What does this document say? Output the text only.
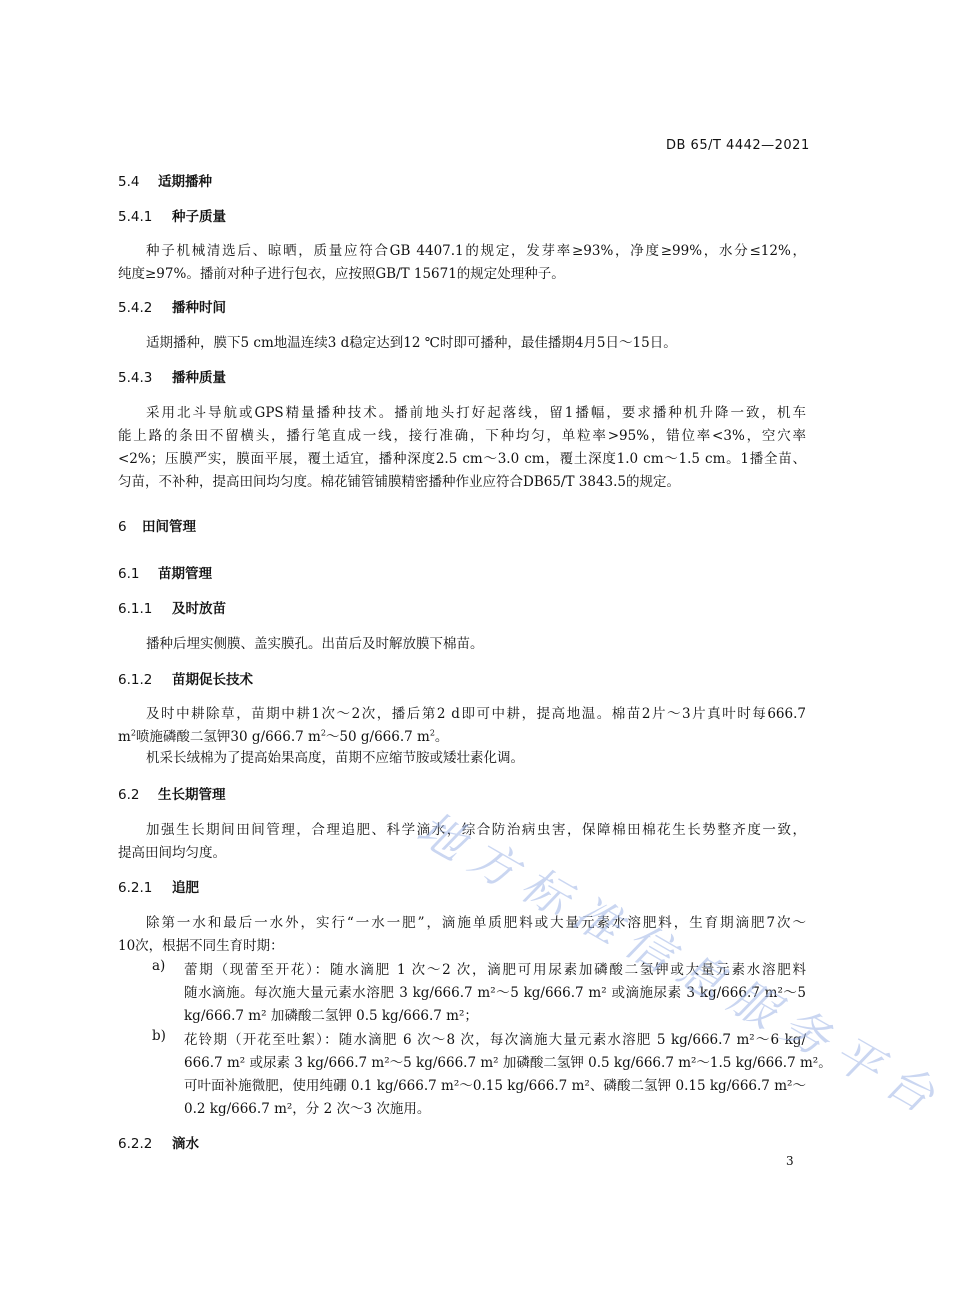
DB 65/T 4442—2021
5.4 适期播种
5.4.1 种子质量
种子机械清选后、晾晒，质量应符合GB 4407.1的规定，发芽率≥93%，净度≥99%，水分≤12%，
纯度≥97%。播前对种子进行包衣，应按照GB/T 15671的规定处理种子。
5.4.2 播种时间
适期播种，膜下5 cm地温连续3 d稳定达到12 ℃时即可播种，最佳播期4月5日～15日。
5.4.3 播种质量
采用北斗导航或GPS精量播种技术。播前地头打好起落线，留1播幅，要求播种机升降一致，机车
能上路的条田不留横头，播行笔直成一线，接行准确，下种均匀，单粒率>95%，错位率<3%，空穴率
<2%；压膜严实，膜面平展，覆土适宜，播种深度2.5 cm～3.0 cm，覆土深度1.0 cm～1.5 cm。1播全苗、
匀苗，不补种，提高田间均匀度。棉花铺管铺膜精密播种作业应符合DB65/T 3843.5的规定。
6 田间管理
6.1 苗期管理
6.1.1 及时放苗
播种后埋实侧膜、盖实膜孔。出苗后及时解放膜下棉苗。
6.1.2 苗期促长技术
及时中耕除草，苗期中耕1次～2次，播后第2 d即可中耕，提高地温。棉苗2片～3片真叶时每666.7
$m^2$喷施磷酸二氢钾30 g/666.7 $m^2\sim 50$ g/666.7 $m^2$。
机采长绒棉为了提高始果高度，苗期不应缩节胺或矮壮素化调。
6.2 生长期管理
加强生长期间田间管理，合理追肥、科学滴水，综合防治病虫害，保障棉田棉花生长势整齐度一致，
提高田间均匀度。
6.2.1 追肥
除第一水和最后一水外，实行“一水一肥”，滴施单质肥料或大量元素水溶肥料，生育期滴肥7次～
10次，根据不同生育时期：
a) 蕾期（现蕾至开花）：随水滴肥 1 次～2 次，滴肥可用尿素加磷酸二氢钾或大量元素水溶肥料
随水滴施。每次施大量元素水溶肥 3 kg/666.7 m²～5 kg/666.7 m² 或滴施尿素 3 kg/666.7 m²～5
kg/666.7 m² 加磷酸二氢钾 0.5 kg/666.7 m²；
b) 花铃期（开花至吐絮）：随水滴肥 6 次～8 次，每次滴施大量元素水溶肥 5 kg/666.7 m²～6 kg/
666.7 m² 或尿素 3 kg/666.7 m²～5 kg/666.7 m² 加磷酸二氢钾 0.5 kg/666.7 m²～1.5 kg/666.7 m²。
可叶面补施微肥，使用纯硼 0.1 kg/666.7 m²～0.15 kg/666.7 m²、磷酸二氢钾 0.15 kg/666.7 m²～
0.2 kg/666.7 m²，分 2 次～3 次施用。
6.2.2 滴水
3
地
方
标
准
信
息
服
务
平
台
